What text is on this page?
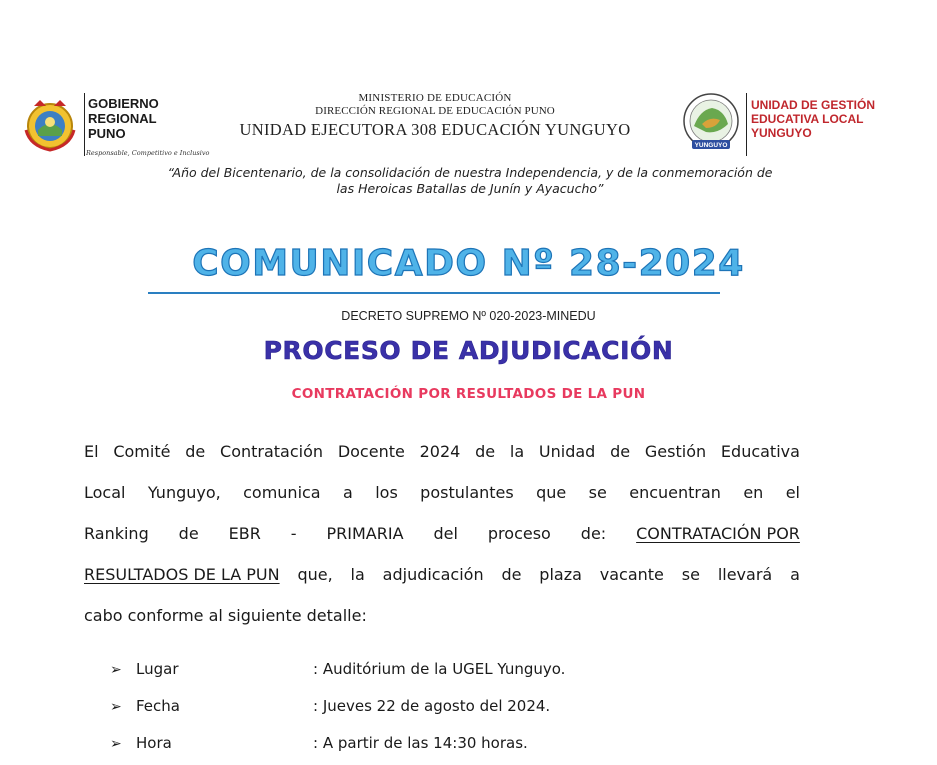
GOBIERNO
REGIONAL
PUNO
Responsable, Competitivo e Inclusivo
MINISTERIO DE EDUCACIÓN
DIRECCIÓN REGIONAL DE EDUCACIÓN PUNO
UNIDAD EJECUTORA 308 EDUCACIÓN YUNGUYO
YUNGUYO
UNIDAD DE GESTIÓN
EDUCATIVA LOCAL
YUNGUYO
“Año del Bicentenario, de la consolidación de nuestra Independencia, y de la conmemoración de
las Heroicas Batallas de Junín y Ayacucho”
COMUNICADO Nº 28-2024
DECRETO SUPREMO Nº 020-2023-MINEDU
PROCESO DE ADJUDICACIÓN
CONTRATACIÓN POR RESULTADOS DE LA PUN
El Comité de Contratación Docente 2024 de la Unidad de Gestión Educativa
Local Yunguyo, comunica a los postulantes que se encuentran en el
Ranking de EBR - PRIMARIA del proceso de: CONTRATACIÓN POR
RESULTADOS DE LA PUN que, la adjudicación de plaza vacante se llevará a
cabo conforme al siguiente detalle:
➢ Lugar	: Auditórium de la UGEL Yunguyo.
➢ Fecha	: Jueves 22 de agosto del 2024.
➢ Hora	: A partir de las 14:30 horas.
